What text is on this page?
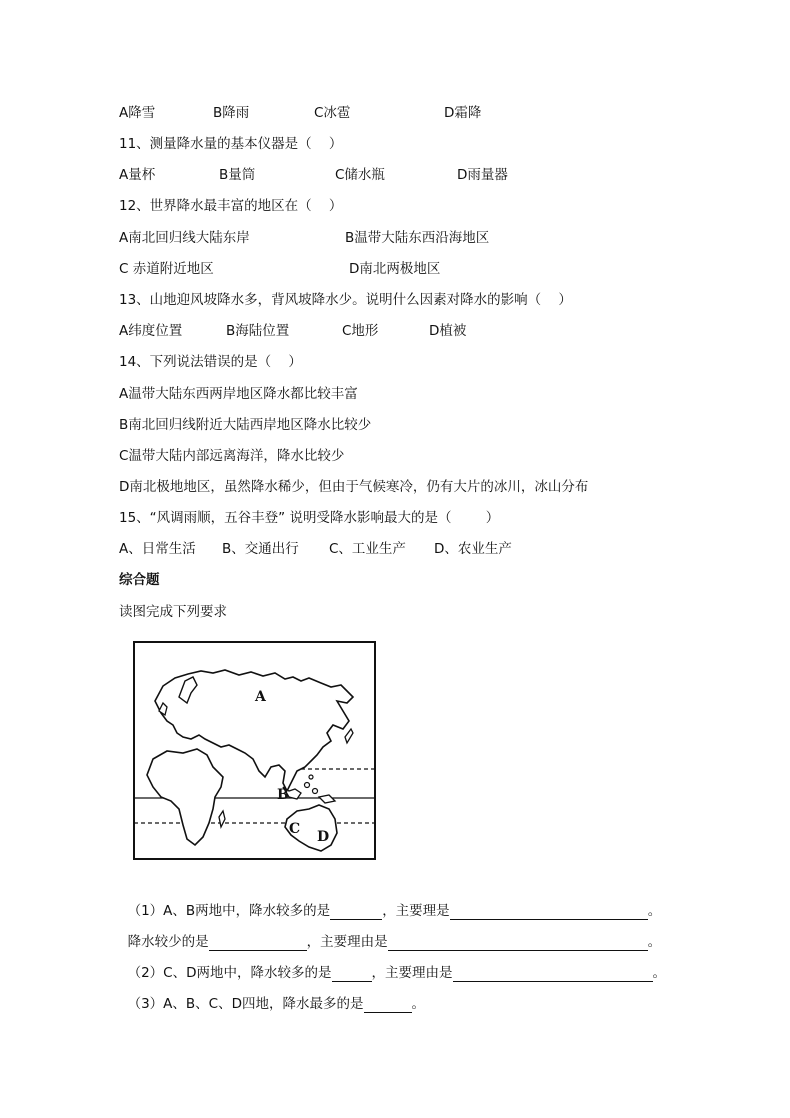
A降雪	B降雨	C冰雹	D霜降
11、测量降水量的基本仪器是（    ）
A量杯	B量筒	C储水瓶	D雨量器
12、世界降水最丰富的地区在（    ）
A南北回归线大陆东岸	B温带大陆东西沿海地区
C 赤道附近地区	D南北两极地区
13、山地迎风坡降水多，背风坡降水少。说明什么因素对降水的影响（    ）
A纬度位置	B海陆位置	C地形	D植被
14、下列说法错误的是（    ）
A温带大陆东西两岸地区降水都比较丰富
B南北回归线附近大陆西岸地区降水比较少
C温带大陆内部远离海洋，降水比较少
D南北极地地区，虽然降水稀少，但由于气候寒冷，仍有大片的冰川，冰山分布
15、“风调雨顺，五谷丰登” 说明受降水影响最大的是（        ）
A、日常生活 B、交通出行 C、工业生产 D、农业生产
综合题
读图完成下列要求
A
B
C D

（1）A、B两地中，降水较多的是	，主要理是	。

降水较少的是	，主要理由是	。

（2）C、D两地中，降水较多的是	，主要理由是	。

（3）A、B、C、D四地，降水最多的是	。
